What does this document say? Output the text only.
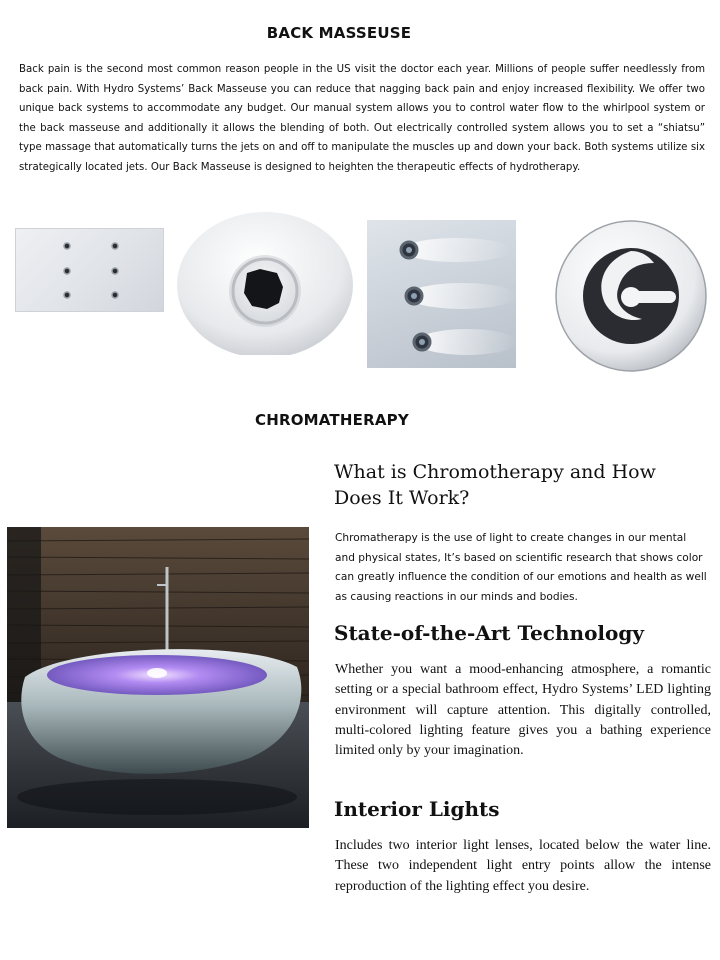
BACK MASSEUSE

Back pain is the second most common reason people in the US visit the doctor each year. Millions of people suffer needlessly from back pain. With Hydro Systems’ Back Masseuse you can reduce that nagging back pain and enjoy increased flexibility. We offer two unique back systems to accommodate any budget. Our manual system allows you to control water flow to the whirlpool system or the back masseuse and additionally it allows the blending of both. Out electrically controlled system allows you to set a “shiatsu” type massage that automatically turns the jets on and off to manipulate the muscles up and down your back. Both systems utilize six strategically located jets. Our Back Masseuse is designed to heighten the therapeutic effects of hydrotherapy.

CHROMATHERAPY
What is Chromotherapy and How Does It Work?

Chromatherapy is the use of light to create changes in our mental and physical states, It’s based on scientific research that shows color can greatly influence the condition of our emotions and health as well as causing reactions in our minds and bodies.

State-of-the-Art Technology

Whether you want a mood-enhancing atmosphere, a romantic setting or a special bathroom effect, Hydro Systems’ LED lighting environment will capture attention. This digitally controlled, multi-colored lighting feature gives you a bathing experience limited only by your imagination.

Interior Lights

Includes two interior light lenses, located below the water line. These two independent light entry points allow the intense reproduction of the lighting effect you desire.
